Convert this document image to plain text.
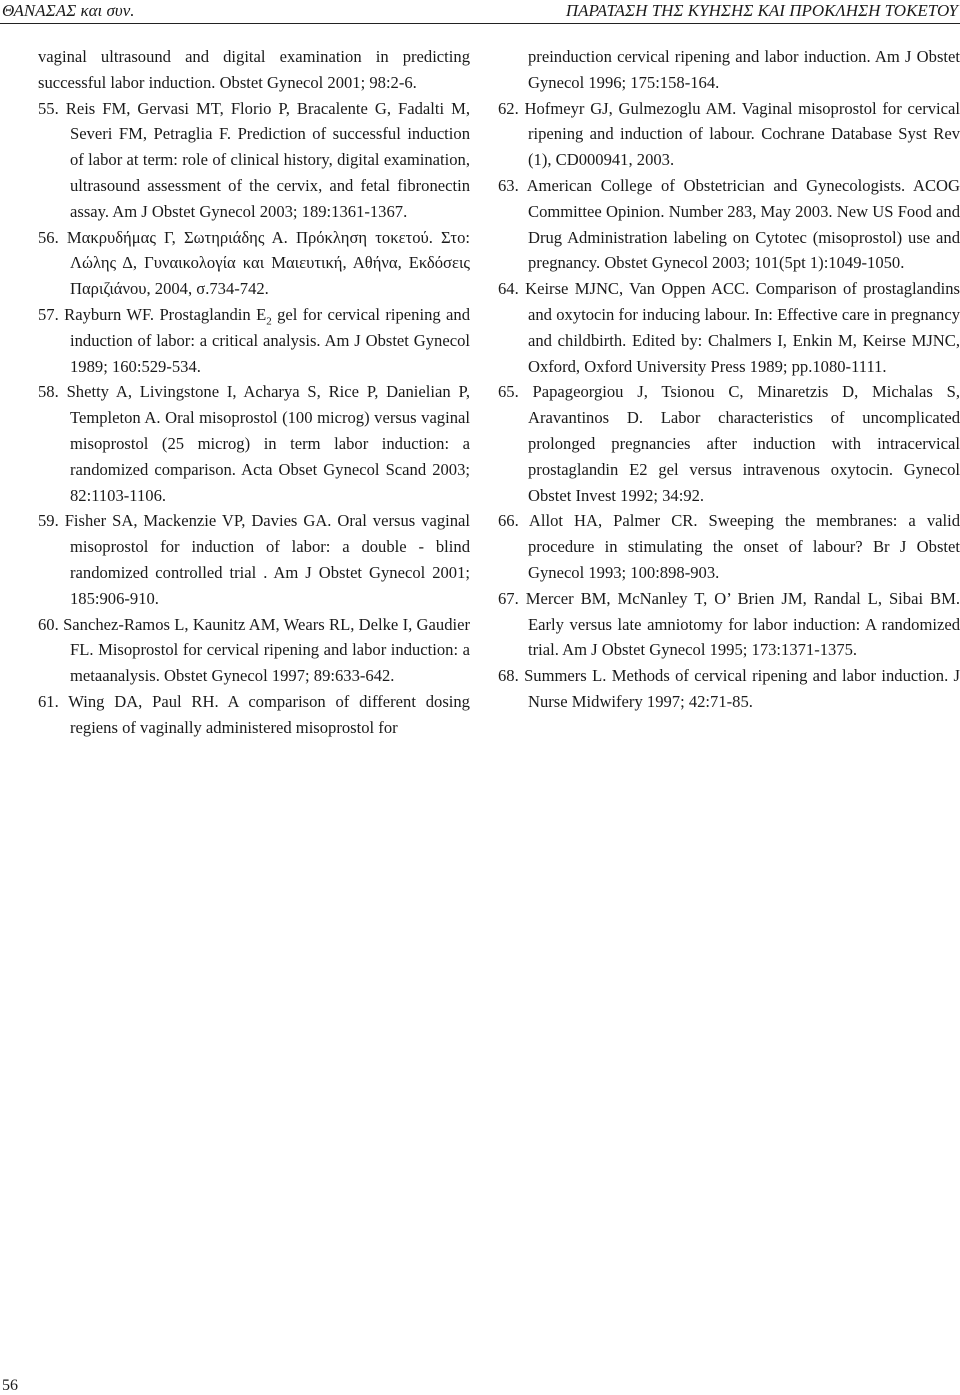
ΘΑΝΑΣΑΣ και συν.	ΠΑΡΑΤΑΣΗ ΤΗΣ ΚΥΗΣΗΣ ΚΑΙ ΠΡΟΚΛΗΣΗ ΤΟΚΕΤΟΥ

vaginal ultrasound and digital examination in predicting successful labor induction. Obstet Gynecol 2001; 98:2-6.

55. Reis FM, Gervasi MT, Florio P, Bracalente G, Fadalti M, Severi FM, Petraglia F. Prediction of successful induction of labor at term: role of clinical history, digital examination, ultrasound assessment of the cervix, and fetal fibronectin assay. Am J Obstet Gynecol 2003; 189:1361-1367.

56. Μακρυδήμας Γ, Σωτηριάδης Α. Πρόκληση τοκετού. Στο: Λώλης Δ, Γυναικολογία και Μαιευτική, Αθήνα, Εκδόσεις Παριζιάνου, 2004, σ.734-742.

57. Rayburn WF. Prostaglandin $E_2$ gel for cervical ripening and induction of labor: a critical analysis. Am J Obstet Gynecol 1989; 160:529-534.

58. Shetty A, Livingstone I, Acharya S, Rice P, Danielian P, Templeton A. Oral misoprostol (100 microg) versus vaginal misoprostol (25 microg) in term labor induction: a randomized comparison. Acta Obset Gynecol Scand 2003; 82:1103-1106.

59. Fisher SA, Mackenzie VP, Davies GA. Oral versus vaginal misoprostol for induction of labor: a double - blind randomized controlled trial . Am J Obstet Gynecol 2001; 185:906-910.

60. Sanchez-Ramos L, Kaunitz AM, Wears RL, Delke I, Gaudier FL. Misoprostol for cervical ripening and labor induction: a metaanalysis. Obstet Gynecol 1997; 89:633-642.

61. Wing DA, Paul RH. A comparison of different dosing regiens of vaginally administered misoprostol for

preinduction cervical ripening and labor induction. Am J Obstet Gynecol 1996; 175:158-164.

62. Hofmeyr GJ, Gulmezoglu AM. Vaginal misoprostol for cervical ripening and induction of labour. Cochrane Database Syst Rev (1), CD000941, 2003.

63. American College of Obstetrician and Gynecologists. ACOG Committee Opinion. Number 283, May 2003. New US Food and Drug Administration labeling on Cytotec (misoprostol) use and pregnancy. Obstet Gynecol 2003; 101(5pt 1):1049-1050.

64. Keirse MJNC, Van Oppen ACC. Comparison of prostaglandins and oxytocin for inducing labour. In: Effective care in pregnancy and childbirth. Edited by: Chalmers I, Enkin M, Keirse MJNC, Oxford, Oxford University Press 1989; pp.1080-1111.

65. Papageorgiou J, Tsionou C, Minaretzis D, Michalas S, Aravantinos D. Labor characteristics of uncomplicated prolonged pregnancies after induction with intracervical prostaglandin E2 gel versus intravenous oxytocin. Gynecol Obstet Invest 1992; 34:92.

66. Allot HA, Palmer CR. Sweeping the membranes: a valid procedure in stimulating the onset of labour? Br J Obstet Gynecol 1993; 100:898-903.

67. Mercer BM, McNanley T, O’ Brien JM, Randal L, Sibai BM. Early versus late amniotomy for labor induction: A randomized trial. Am J Obstet Gynecol 1995; 173:1371-1375.

68. Summers L. Methods of cervical ripening and labor induction. J Nurse Midwifery 1997; 42:71-85.

56
